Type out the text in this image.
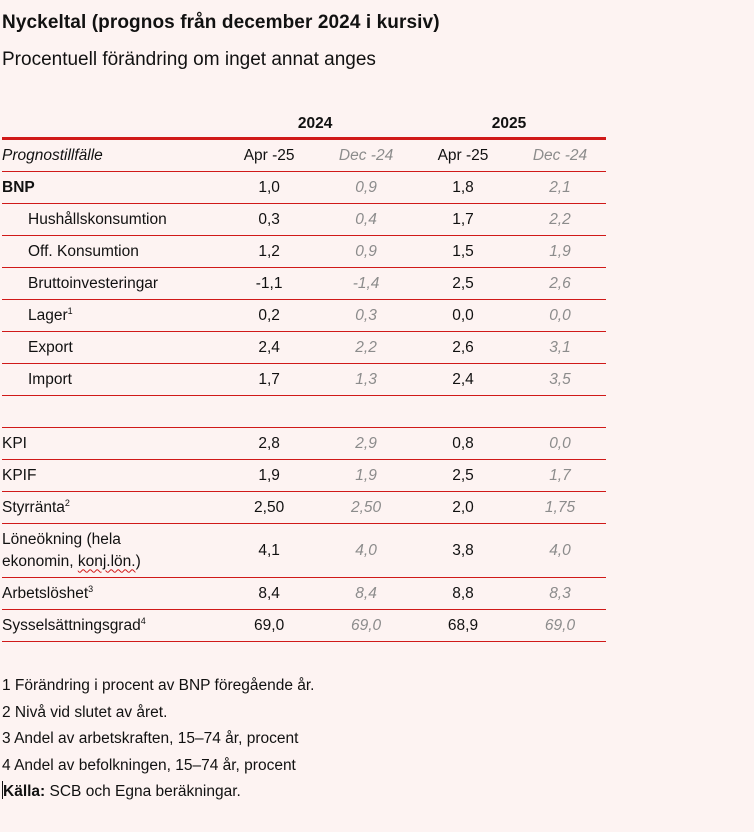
Nyckeltal (prognos från december 2024 i kursiv)
Procentuell förändring om inget annat anges
	2024		2025	
Prognostillfälle	Apr -25	Dec -24	Apr -25	Dec -24
BNP	1,0	0,9	1,8	2,1
Hushållskonsumtion	0,3	0,4	1,7	2,2
Off. Konsumtion	1,2	0,9	1,5	1,9
Bruttoinvesteringar	-1,1	-1,4	2,5	2,6
Lager$^1$	0,2	0,3	0,0	0,0
Export	2,4	2,2	2,6	3,1
Import	1,7	1,3	2,4	3,5

KPI	2,8	2,9	0,8	0,0
KPIF	1,9	1,9	2,5	1,7
Styrränta$^2$	2,50	2,50	2,0	1,75
Löneökning (hela
ekonomin, konj.lön.)	4,1	4,0	3,8	4,0
Arbetslöshet$^3$	8,4	8,4	8,8	8,3
Sysselsättningsgrad$^4$	69,0	69,0	68,9	69,0
1 Förändring i procent av BNP föregående år.
2 Nivå vid slutet av året.
3 Andel av arbetskraften, 15–74 år, procent
4 Andel av befolkningen, 15–74 år, procent
Källa: SCB och Egna beräkningar.
